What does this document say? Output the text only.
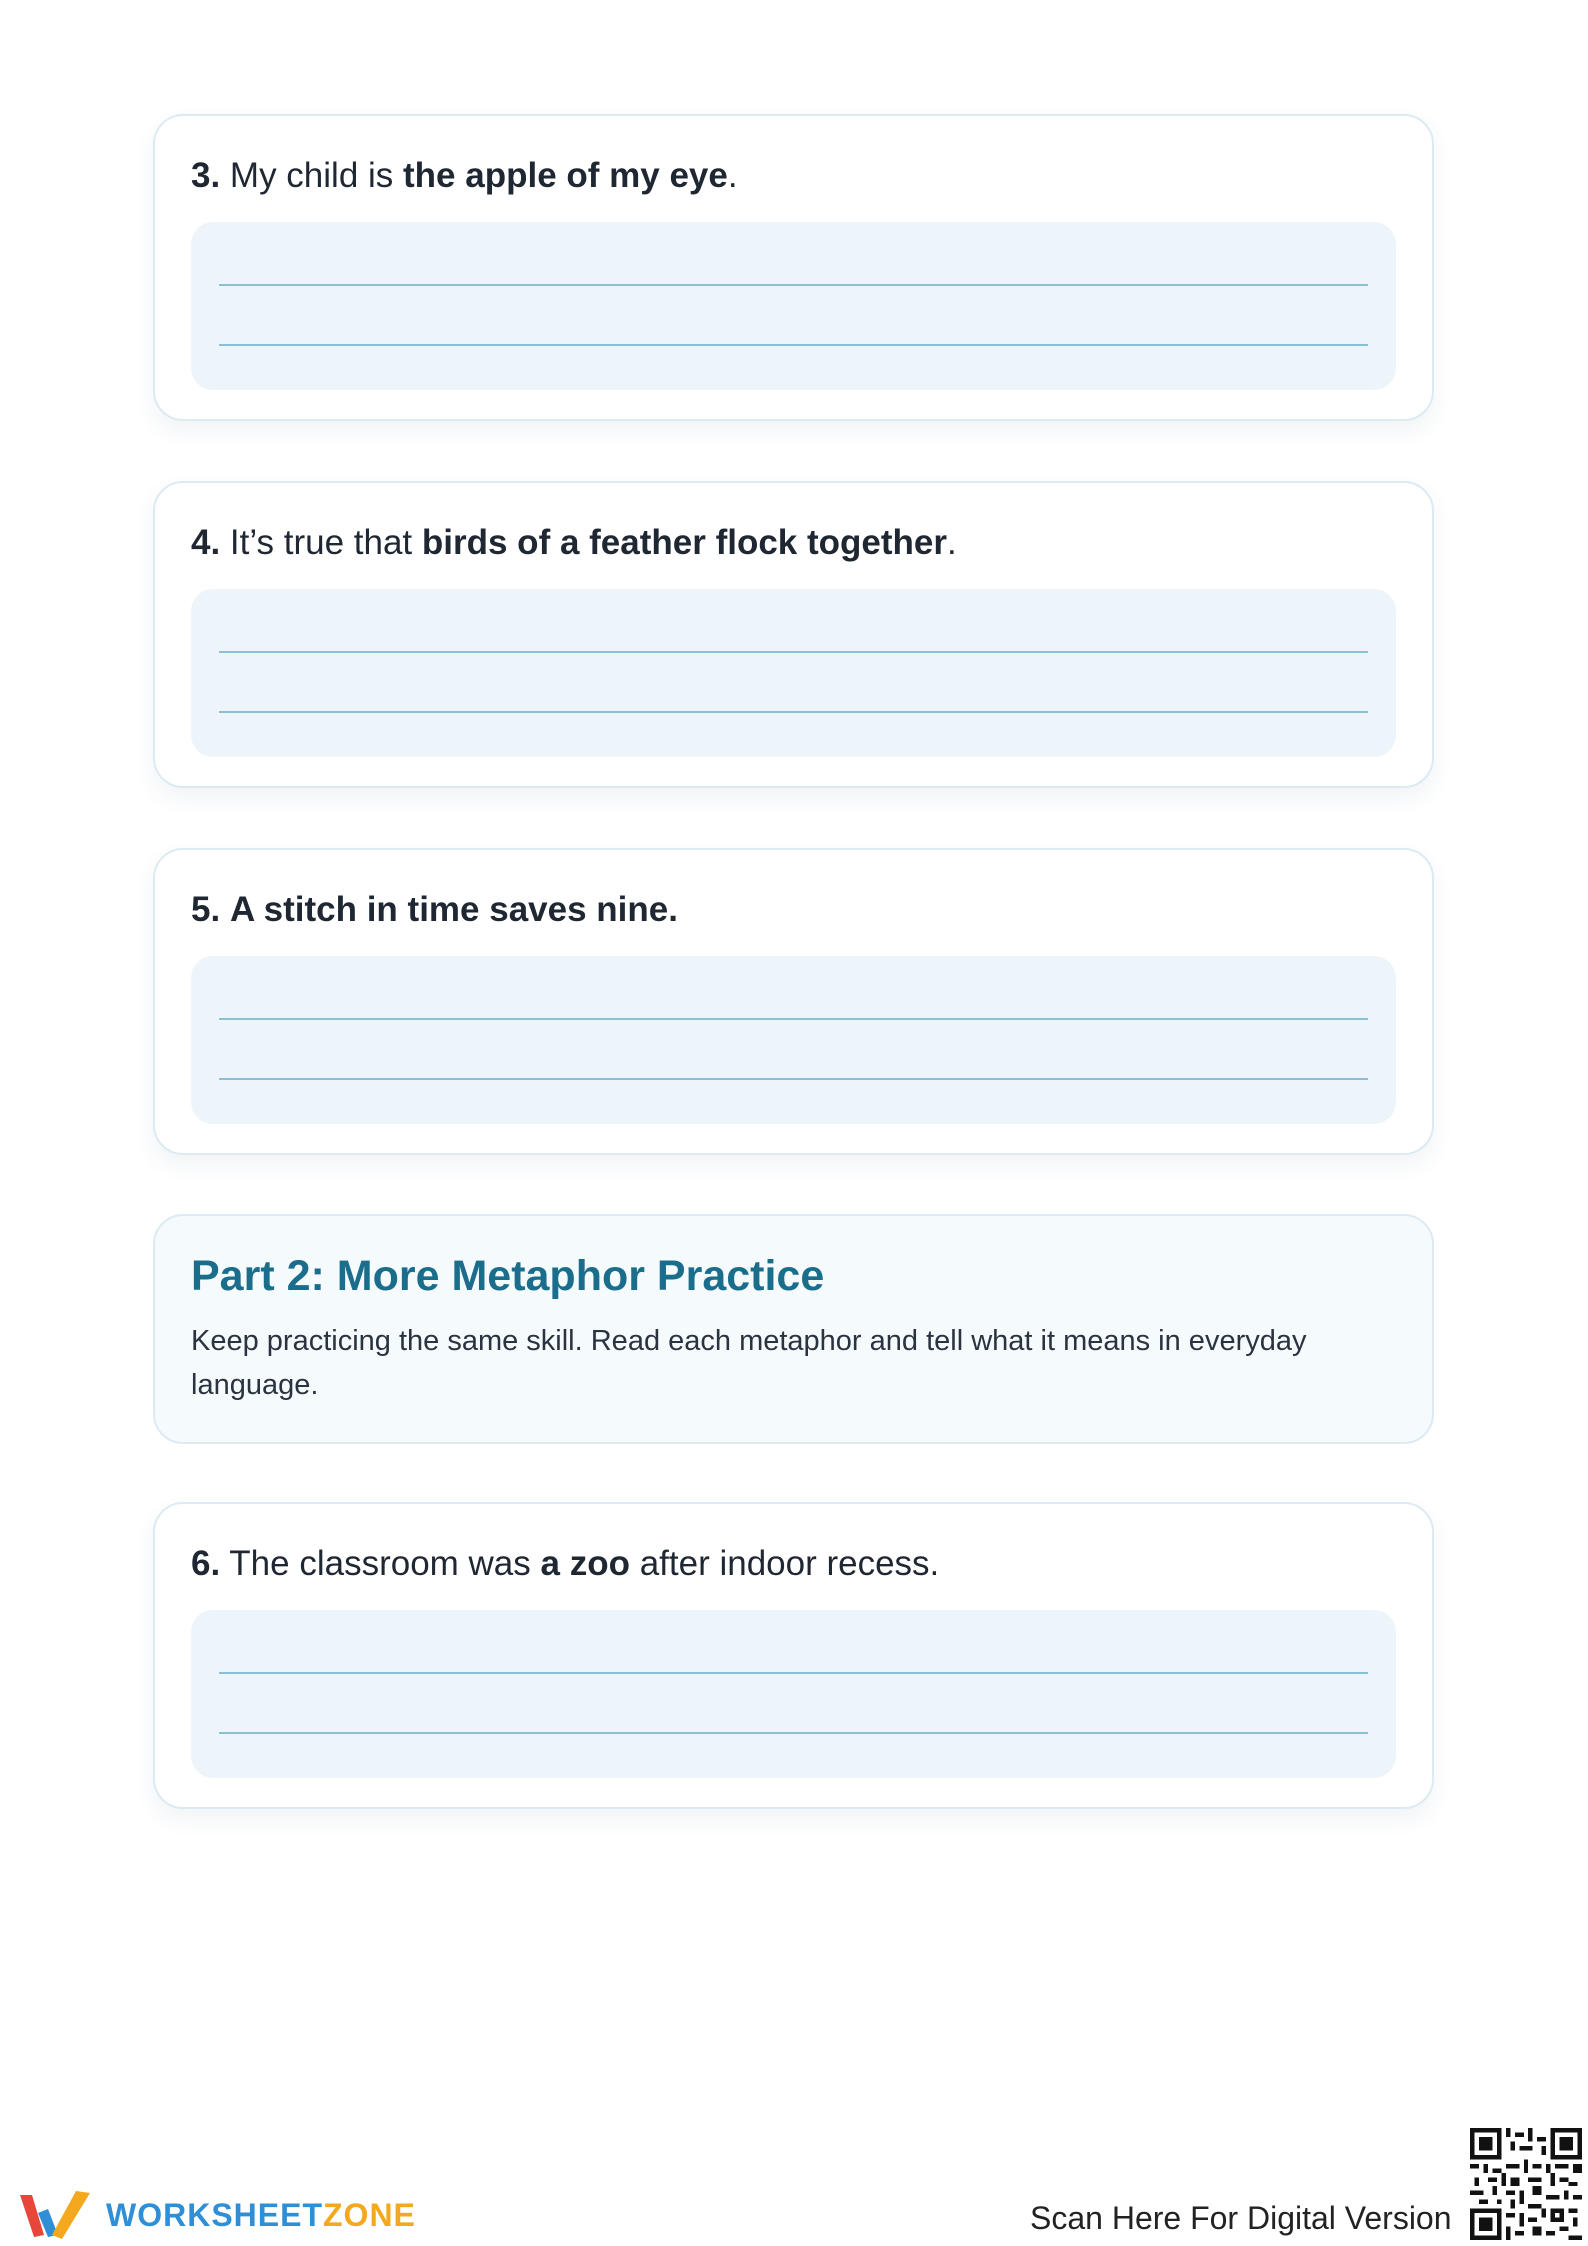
3. My child is the apple of my eye.
4. It’s true that birds of a feather flock together.
5. A stitch in time saves nine.
Part 2: More Metaphor Practice
Keep practicing the same skill. Read each metaphor and tell what it means in everyday language.
6. The classroom was a zoo after indoor recess.
WORKSHEETZONE	Scan Here For Digital Version
